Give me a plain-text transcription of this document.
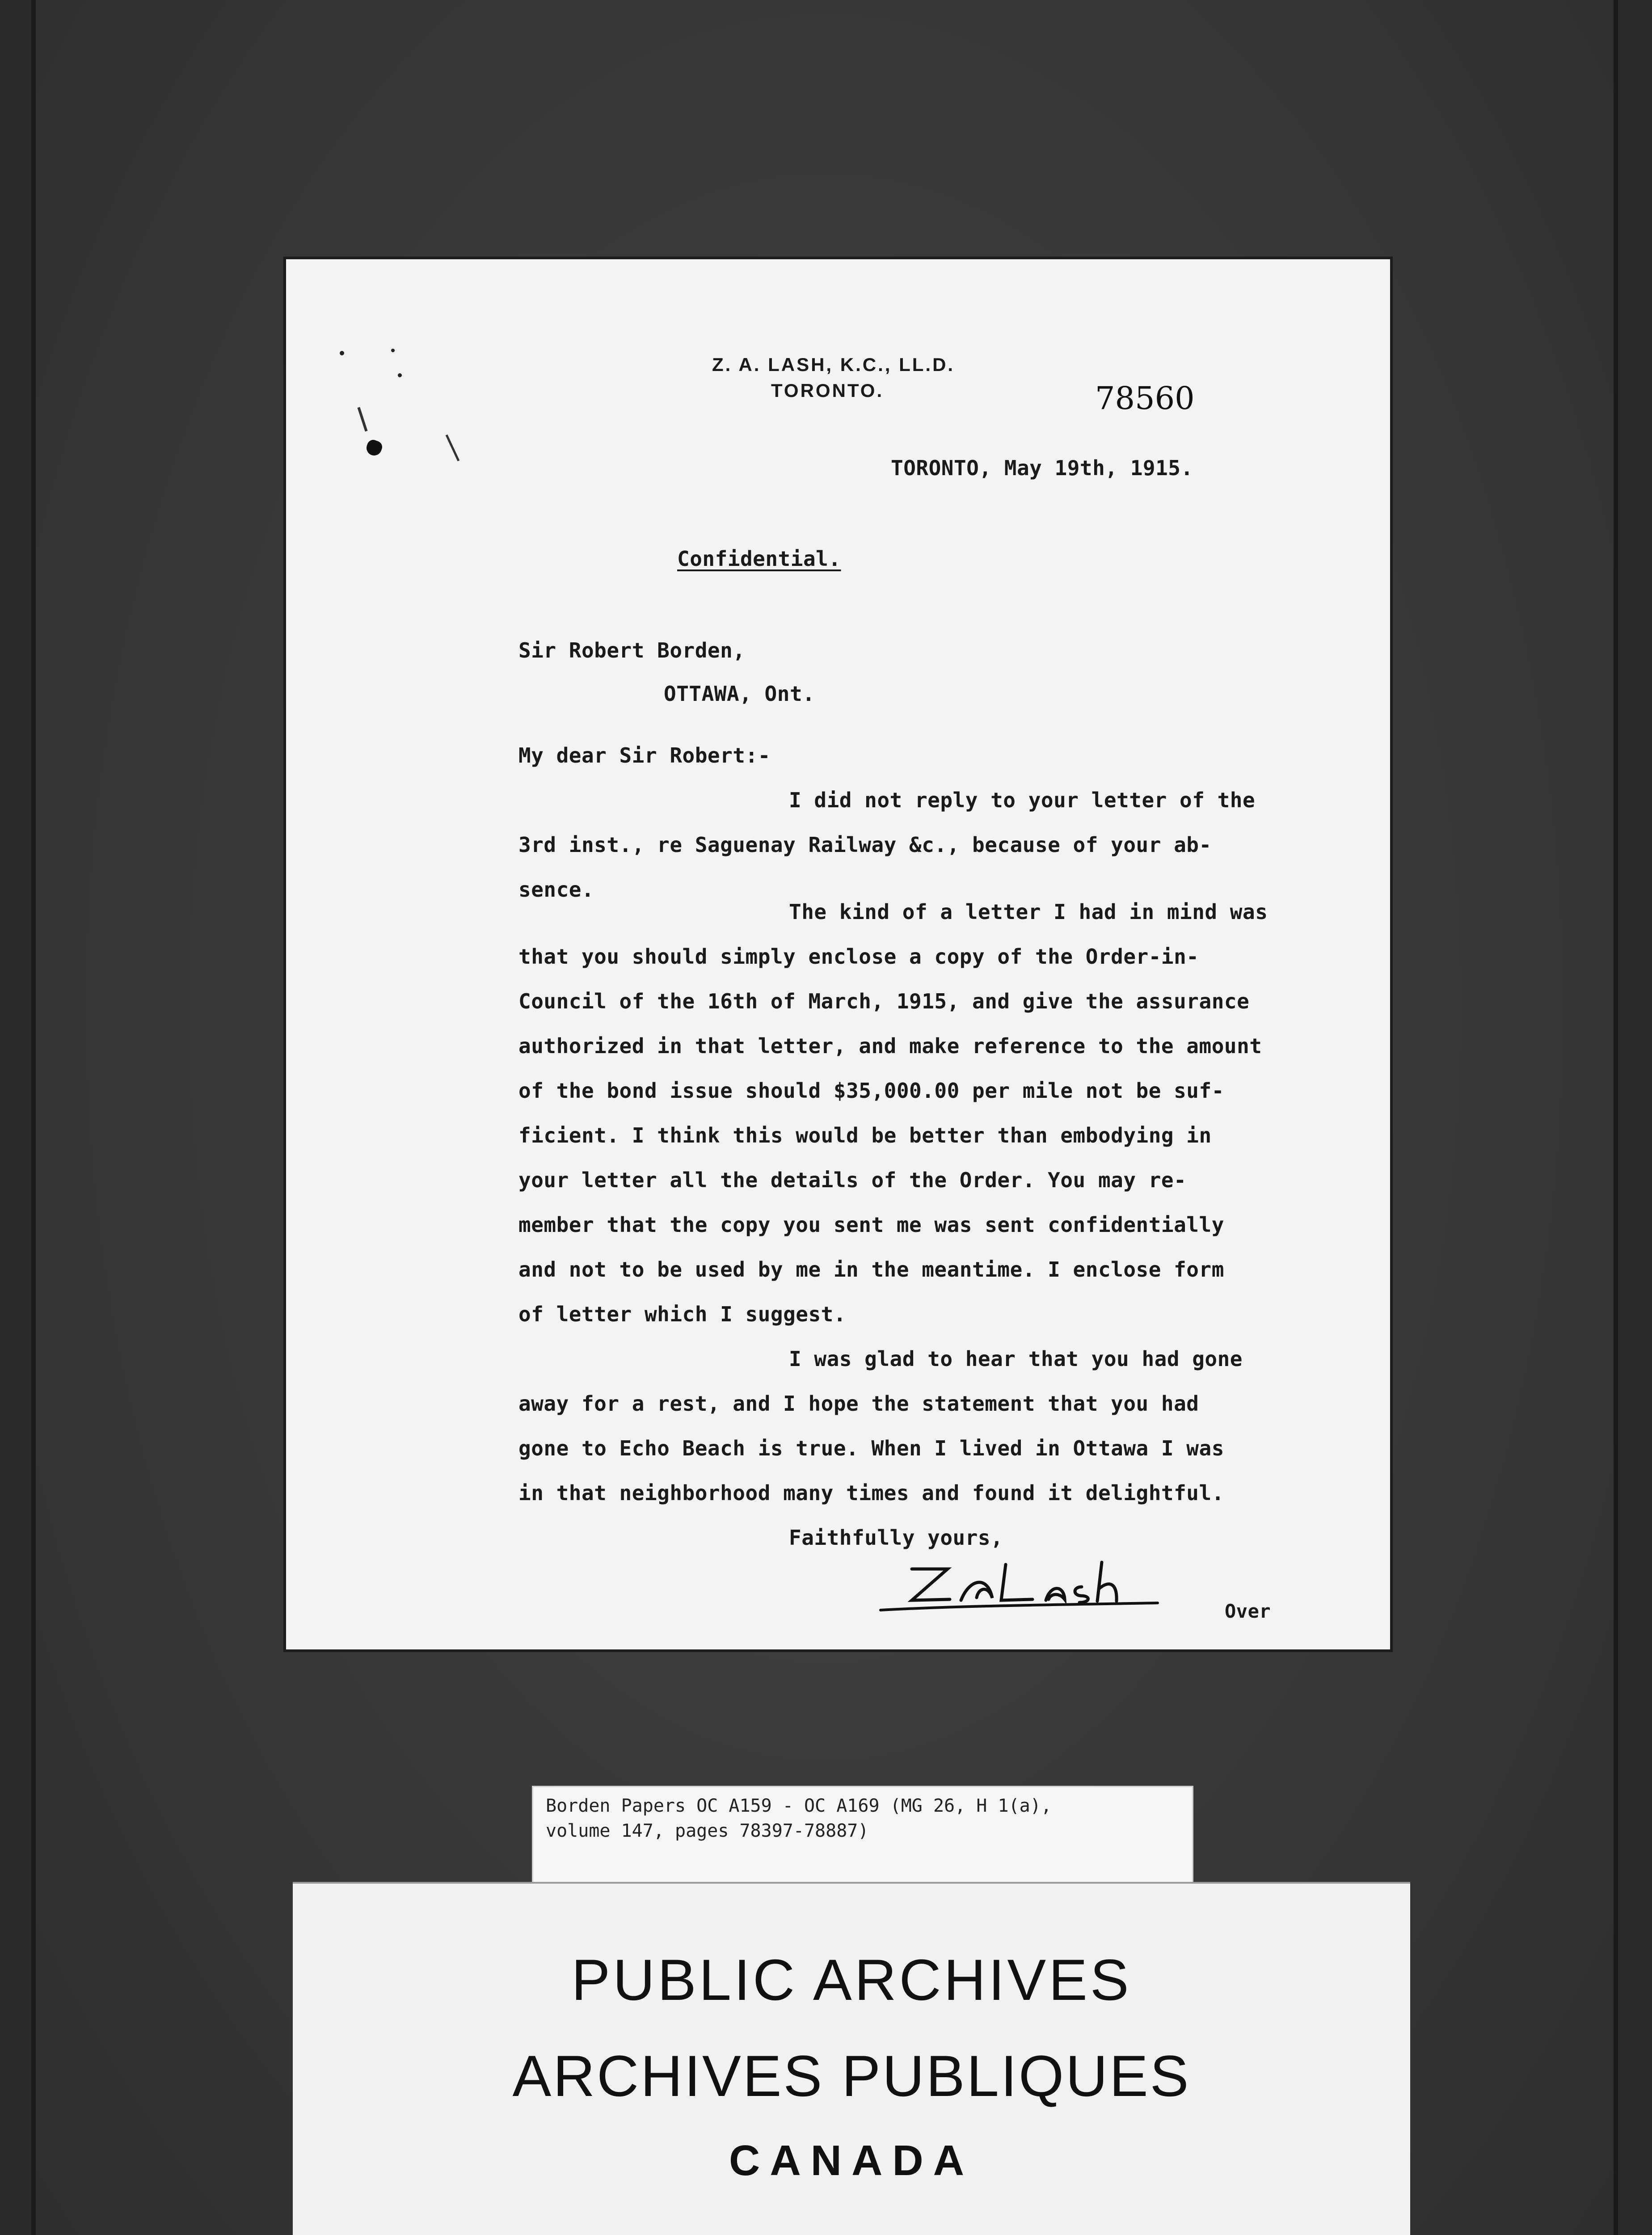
Z. A. LASH, K.C., LL.D.
TORONTO.	78560
TORONTO, May 19th, 1915.
Confidential.
Sir Robert Borden,
OTTAWA, Ont.
My dear Sir Robert:-
I did not reply to your letter of the
3rd inst., re Saguenay Railway &c., because of your ab-
sence.
The kind of a letter I had in mind was
that you should simply enclose a copy of the Order-in-
Council of the 16th of March, 1915, and give the assurance
authorized in that letter, and make reference to the amount
of the bond issue should $35,000.00 per mile not be suf-
ficient. I think this would be better than embodying in
your letter all the details of the Order. You may re-
member that the copy you sent me was sent confidentially
and not to be used by me in the meantime. I enclose form
of letter which I suggest.
I was glad to hear that you had gone
away for a rest, and I hope the statement that you had
gone to Echo Beach is true. When I lived in Ottawa I was
in that neighborhood many times and found it delightful.
Faithfully yours,
Over
Borden Papers OC A159 - OC A169 (MG 26, H 1(a),
volume 147, pages 78397-78887)
PUBLIC ARCHIVES
ARCHIVES PUBLIQUES
CANADA
